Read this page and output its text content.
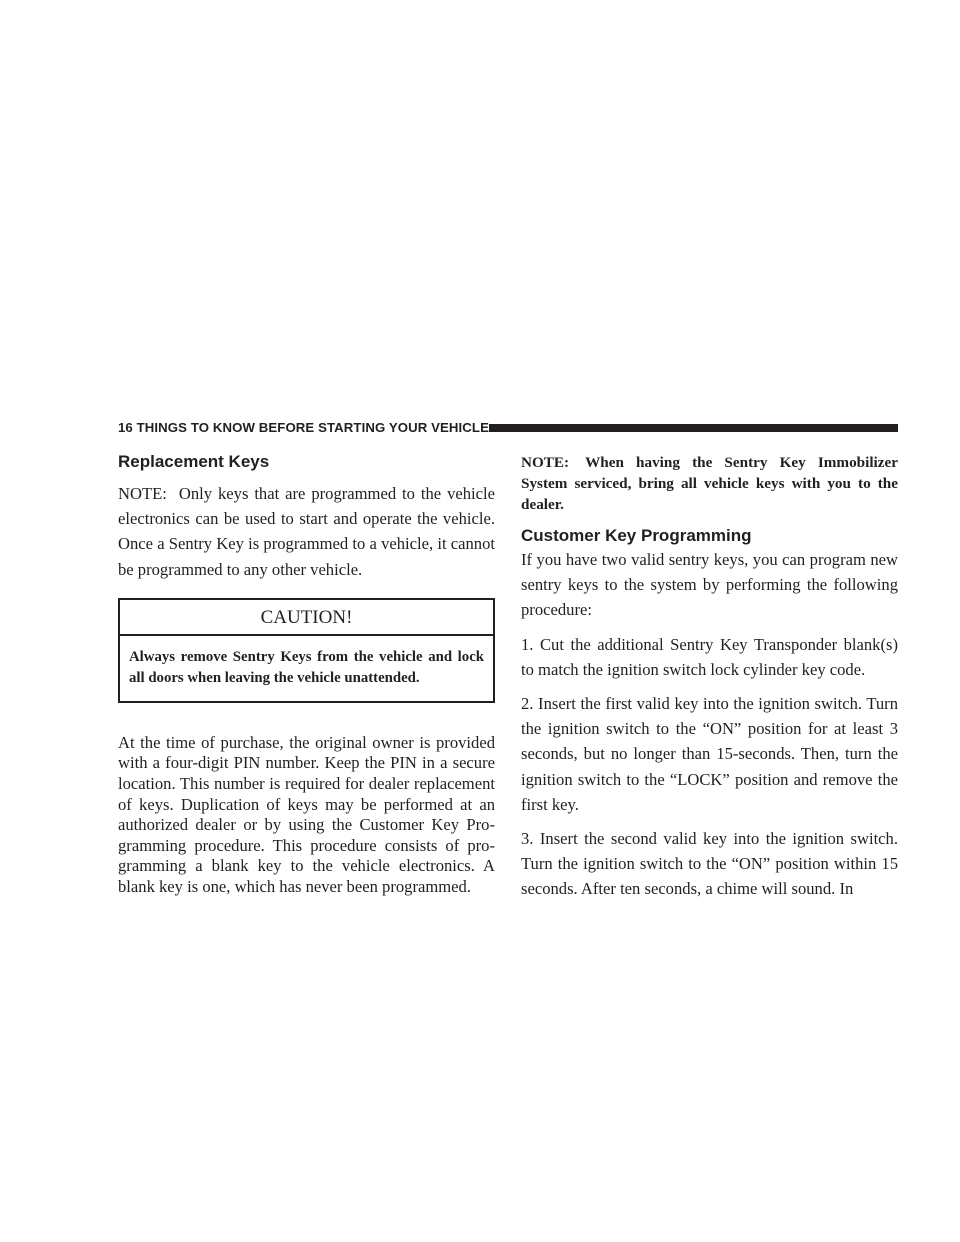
16 THINGS TO KNOW BEFORE STARTING YOUR VEHICLE
Replacement Keys

NOTE: Only keys that are programmed to the vehicle electronics can be used to start and operate the vehicle. Once a Sentry Key is programmed to a vehicle, it cannot be programmed to any other vehicle.

CAUTION!
Always remove Sentry Keys from the vehicle and lock all doors when leaving the vehicle unattended.

At the time of purchase, the original owner is provided with a four-digit PIN number. Keep the PIN in a secure location. This number is required for dealer replacement of keys. Duplication of keys may be performed at an authorized dealer or by using the Customer Key Pro-gramming procedure. This procedure consists of pro-gramming a blank key to the vehicle electronics. A blank key is one, which has never been programmed.

NOTE: When having the Sentry Key Immobilizer System serviced, bring all vehicle keys with you to the dealer.

Customer Key Programming

If you have two valid sentry keys, you can program new sentry keys to the system by performing the following procedure:

1. Cut the additional Sentry Key Transponder blank(s) to match the ignition switch lock cylinder key code.

2. Insert the first valid key into the ignition switch. Turn the ignition switch to the “ON” position for at least 3 seconds, but no longer than 15-seconds. Then, turn the ignition switch to the “LOCK” position and remove the first key.

3. Insert the second valid key into the ignition switch. Turn the ignition switch to the “ON” position within 15 seconds. After ten seconds, a chime will sound. In
